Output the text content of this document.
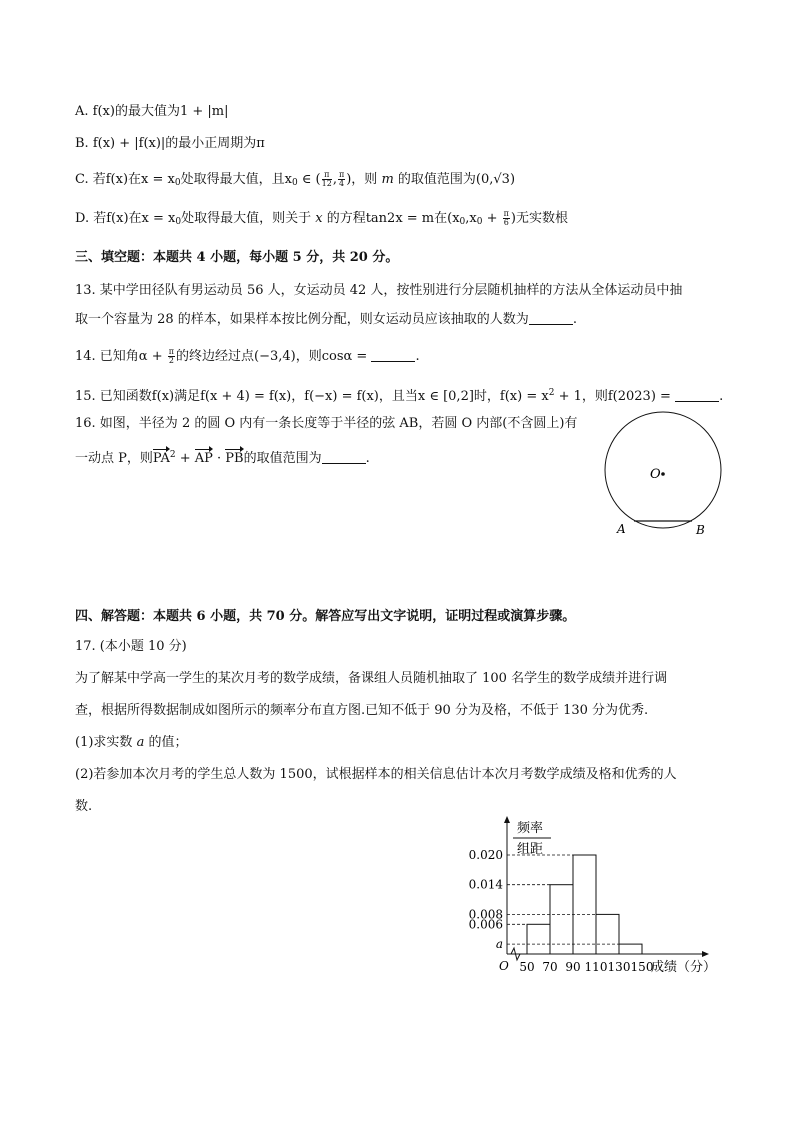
A. f(x)的最大值为1 + |m|
B. f(x) + |f(x)|的最小正周期为π
C. 若f(x)在$x = x_0$处取得最大值，且$x_0$ ∈ ( $\frac{\pi}{12}$ , $\frac{\pi}{4}$ )，则 m 的取值范围为(0,√3)
D. 若f(x)在$x = x_0$处取得最大值，则关于 x 的方程tan2x = m在($x_0,x_0 + \frac{\pi}{6}$ )无实数根
三、填空题：本题共 4 小题，每小题 5 分，共 20 分。
13. 某中学田径队有男运动员 56 人，女运动员 42 人，按性别进行分层随机抽样的方法从全体运动员中抽
取一个容量为 28 的样本，如果样本按比例分配，则女运动员应该抽取的人数为	.
14. 已知角$\alpha + \frac{\pi}{2}$ 的终边经过点(−3,4)，则cosα =	.
15. 已知函数f(x)满足f(x + 4) = f(x)，f(−x) = f(x)，且当x ∈ [0,2]时，$f(x) = x^2 + 1$，则f(2023) =	.
16. 如图，半径为 2 的圆 O 内有一条长度等于半径的弦 AB，若圆 O 内部(不含圆上)有
一动点 P，则$PA^2$ + AP · PB的取值范围为	.
O
A	B
四、解答题：本题共 6 小题，共 70 分。解答应写出文字说明，证明过程或演算步骤。
17. (本小题 10 分)
为了解某中学高一学生的某次月考的数学成绩，备课组人员随机抽取了 100 名学生的数学成绩并进行调
查，根据所得数据制成如图所示的频率分布直方图.已知不低于 90 分为及格，不低于 130 分为优秀.
(1)求实数 a 的值；
(2)若参加本次月考的学生总人数为 1500，试根据样本的相关信息估计本次月考数学成绩及格和优秀的人
数.
频率
组距
成绩（分）
O 50 70 90 110 130 150
0.006
0.014
0.020
0.008
a
